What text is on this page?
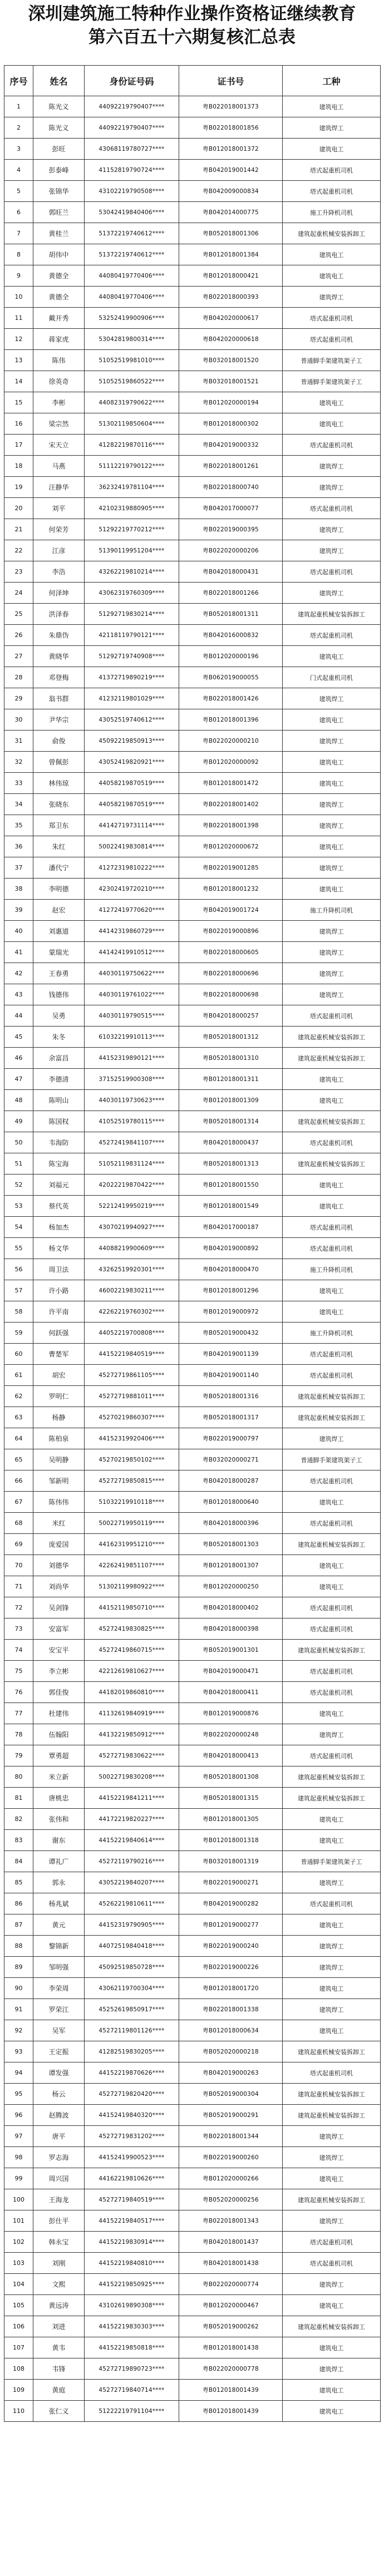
深圳建筑施工特种作业操作资格证继续教育
第六百五十六期复核汇总表
序号	姓名	身份证号码	证书号	工种
1	陈光义	44092219790407****	粤B022018001373	建筑电工
2	陈光义	44092219790407****	粤B022018001856	建筑焊工
3	彭旺	43068119780727****	粤B012018001372	建筑电工
4	彭泰峰	41152819790724****	粤B042019001442	塔式起重机司机
5	张锦华	43102219790508****	粤B042009000834	塔式起重机司机
6	郭旺兰	53042419840406****	粤B042014000775	施工升降机司机
7	黄桂兰	51372219740612****	粤B052018001306	建筑起重机械安装拆卸工
8	胡伟中	51372219740612****	粤B012018001384	建筑电工
9	黄德全	44080419770406****	粤B012018000421	建筑电工
10	黄德全	44080419770406****	粤B022018000393	建筑焊工
11	戴开秀	53252419900906****	粤B042020000617	塔式起重机司机
12	蒋家虎	53042819800314****	粤B042020000618	塔式起重机司机
13	陈伟	51052519981010****	粤B032018001520	普通脚手架建筑架子工
14	徐英奇	51052519860522****	粤B032018001521	普通脚手架建筑架子工
15	李彬	44082319790622****	粤B012020000194	建筑电工
16	梁宗然	51302119850604****	粤B012018000302	建筑电工
17	宋天立	41282219870116****	粤B042019000332	塔式起重机司机
18	马燕	51112219790122****	粤B022018001261	建筑焊工
19	汪静华	36232419781104****	粤B022018000740	建筑焊工
20	刘平	42102319880905****	粤B042017000077	塔式起重机司机
21	何荣芳	51292219770212****	粤B022019000395	建筑焊工
22	江彦	51390119951204****	粤B022020000206	建筑焊工
23	李浩	43262219810214****	粤B042018000431	塔式起重机司机
24	何泽坤	43062319760309****	粤B022018001266	建筑焊工
25	洪泽春	51292719830214****	粤B052018001311	建筑起重机械安装拆卸工
26	朱鼎伪	42118119790121****	粤B042016000832	塔式起重机司机
27	黄晓华	51292719740908****	粤B012020000196	建筑电工
28	邓登梅	41372719890219****	粤B062019000055	门式起重机司机
29	翁书群	41232119801029****	粤B022018001426	建筑焊工
30	尹华宗	43052519740612****	粤B012018001396	建筑电工
31	俞俊	45092219850913****	粤B022020000210	建筑焊工
32	曾佩彭	43052419820921****	粤B012020000092	建筑电工
33	林伟琼	44058219870519****	粤B012018001472	建筑电工
34	张晓东	44058219870519****	粤B022018001402	建筑焊工
35	郑卫东	44142719731114****	粤B022018001398	建筑焊工
36	朱红	50022419830814****	粤B012020000672	建筑电工
37	潘代宁	41272319810222****	粤B022019001285	建筑焊工
38	李明德	42302419720210****	粤B012018001232	建筑电工
39	赵宏	41272419770620****	粤B042019001724	施工升降机司机
40	刘惠道	44142319860729****	粤B022019000896	建筑焊工
41	蒙瑞光	44142419910512****	粤B022018000605	建筑焊工
42	王春勇	44030119750622****	粤B022018000696	建筑焊工
43	钱德伟	44030119761022****	粤B022018000698	建筑焊工
44	吴勇	44030119790515****	粤B042018000257	塔式起重机司机
45	朱冬	61032219910113****	粤B052018001312	建筑起重机械安装拆卸工
46	余富昌	44152319890121****	粤B052018001310	建筑起重机械安装拆卸工
47	李德清	37152519900308****	粤B012018001311	建筑电工
48	陈明山	44030119730623****	粤B012018001309	建筑电工
49	陈国权	41052519780115****	粤B052018001314	建筑起重机械安装拆卸工
50	韦海防	45272419841107****	粤B042018000437	塔式起重机司机
51	陈宝海	51052119831124****	粤B052018001313	建筑起重机械安装拆卸工
52	刘福元	42022219870422****	粤B012018001550	建筑电工
53	蔡代英	52212419950219****	粤B012018001549	建筑电工
54	杨加杰	43070219940927****	粤B042017000187	塔式起重机司机
55	杨文华	44088219900609****	粤B042019000892	塔式起重机司机
56	周卫法	43262519920301****	粤B042018000470	施工升降机司机
57	许小路	46002219830211****	粤B012018001296	建筑电工
58	许平南	42262219760302****	粤B012019000972	建筑电工
59	何跃强	44052219700808****	粤B052019000432	施工升降机司机
60	曹楚军	44152219840519****	粤B042019001139	塔式起重机司机
61	胡宏	45272719861105****	粤B042019001140	塔式起重机司机
62	罗明仁	45272719881011****	粤B052018001316	建筑起重机械安装拆卸工
63	杨静	45270219860307****	粤B052018001317	建筑起重机械安装拆卸工
64	陈柏泉	44152319920406****	粤B022019000797	建筑焊工
65	吴明静	45270219850102****	粤B032020000271	普通脚手架建筑架子工
66	邹新明	45272719850815****	粤B042018000287	塔式起重机司机
67	陈伟伟	51032219910118****	粤B012018000640	建筑电工
68	米红	50022719950119****	粤B042018000396	塔式起重机司机
69	庞爱国	44162319951210****	粤B052018001303	建筑起重机械安装拆卸工
70	刘德华	42262419851107****	粤B012018001307	建筑电工
71	刘尚华	51302119980922****	粤B012020000250	建筑电工
72	吴剑锋	44152119850710****	粤B042018000402	塔式起重机司机
73	安富军	45272419830825****	粤B042018000398	塔式起重机司机
74	安宝平	45272419860715****	粤B052019001301	建筑起重机械安装拆卸工
75	李立彬	42212619810627****	粤B042019000471	塔式起重机司机
76	郭佳俊	44182019860810****	粤B042018000411	塔式起重机司机
77	杜建伟	41132619840919****	粤B012019000876	建筑电工
78	伍翰阳	44132219850912****	粤B022020000248	建筑焊工
79	覃勇超	45272719830622****	粤B042018000413	塔式起重机司机
80	米立新	50022719830208****	粤B052018001308	建筑起重机械安装拆卸工
81	唐桃忠	44152219841211****	粤B052018001315	建筑起重机械安装拆卸工
82	张伟和	44172219820227****	粤B012018001305	建筑电工
83	谢东	44152219840614****	粤B012018001318	建筑电工
84	谭礼广	45272119790216****	粤B032018001319	普通脚手架建筑架子工
85	郭永	43052219840207****	粤B022019000271	建筑焊工
86	杨兆斌	45262219810611****	粤B042019000282	塔式起重机司机
87	黄元	44152319790905****	粤B012019000277	建筑电工
88	黎锦新	44072519840418****	粤B022019000240	建筑焊工
89	邹明强	45092519850728****	粤B022019000226	建筑焊工
90	李荣周	43062119700304****	粤B012018001720	建筑电工
91	罗荣江	45252619850917****	粤B022018001338	建筑焊工
92	吴军	45272119801126****	粤B012018000634	建筑电工
93	王定振	41282519830205****	粤B052020000218	建筑起重机械安装拆卸工
94	谭发强	44152219870626****	粤B042019000263	塔式起重机司机
95	杨云	45272719820420****	粤B052019000304	建筑起重机械安装拆卸工
96	赵腾波	44152419840320****	粤B052019000291	建筑起重机械安装拆卸工
97	唐平	45272719831202****	粤B022018001344	建筑焊工
98	罗志海	44152419900523****	粤B022019000260	建筑焊工
99	周兴国	44162219810626****	粤B012020000266	建筑电工
100	王海龙	45272719840519****	粤B052020000256	建筑起重机械安装拆卸工
101	彭仕平	44152219840517****	粤B022018001343	建筑焊工
102	韩永宝	44152219830914****	粤B042018001437	塔式起重机司机
103	刘刚	44152219840810****	粤B042018001438	塔式起重机司机
104	文熙	44152219850925****	粤B022020000774	建筑焊工
105	黄远涛	43102619890308****	粤B012020000467	建筑电工
106	刘进	44152219830303****	粤B052019000262	建筑起重机械安装拆卸工
107	黄韦	44152219850818****	粤B012018001438	建筑电工
108	韦锋	45272719890723****	粤B022020000778	建筑焊工
109	黄庭	45272719840714****	粤B012018001439	建筑电工
110	张仁义	51222219791104****	粤B012018001439	建筑电工
